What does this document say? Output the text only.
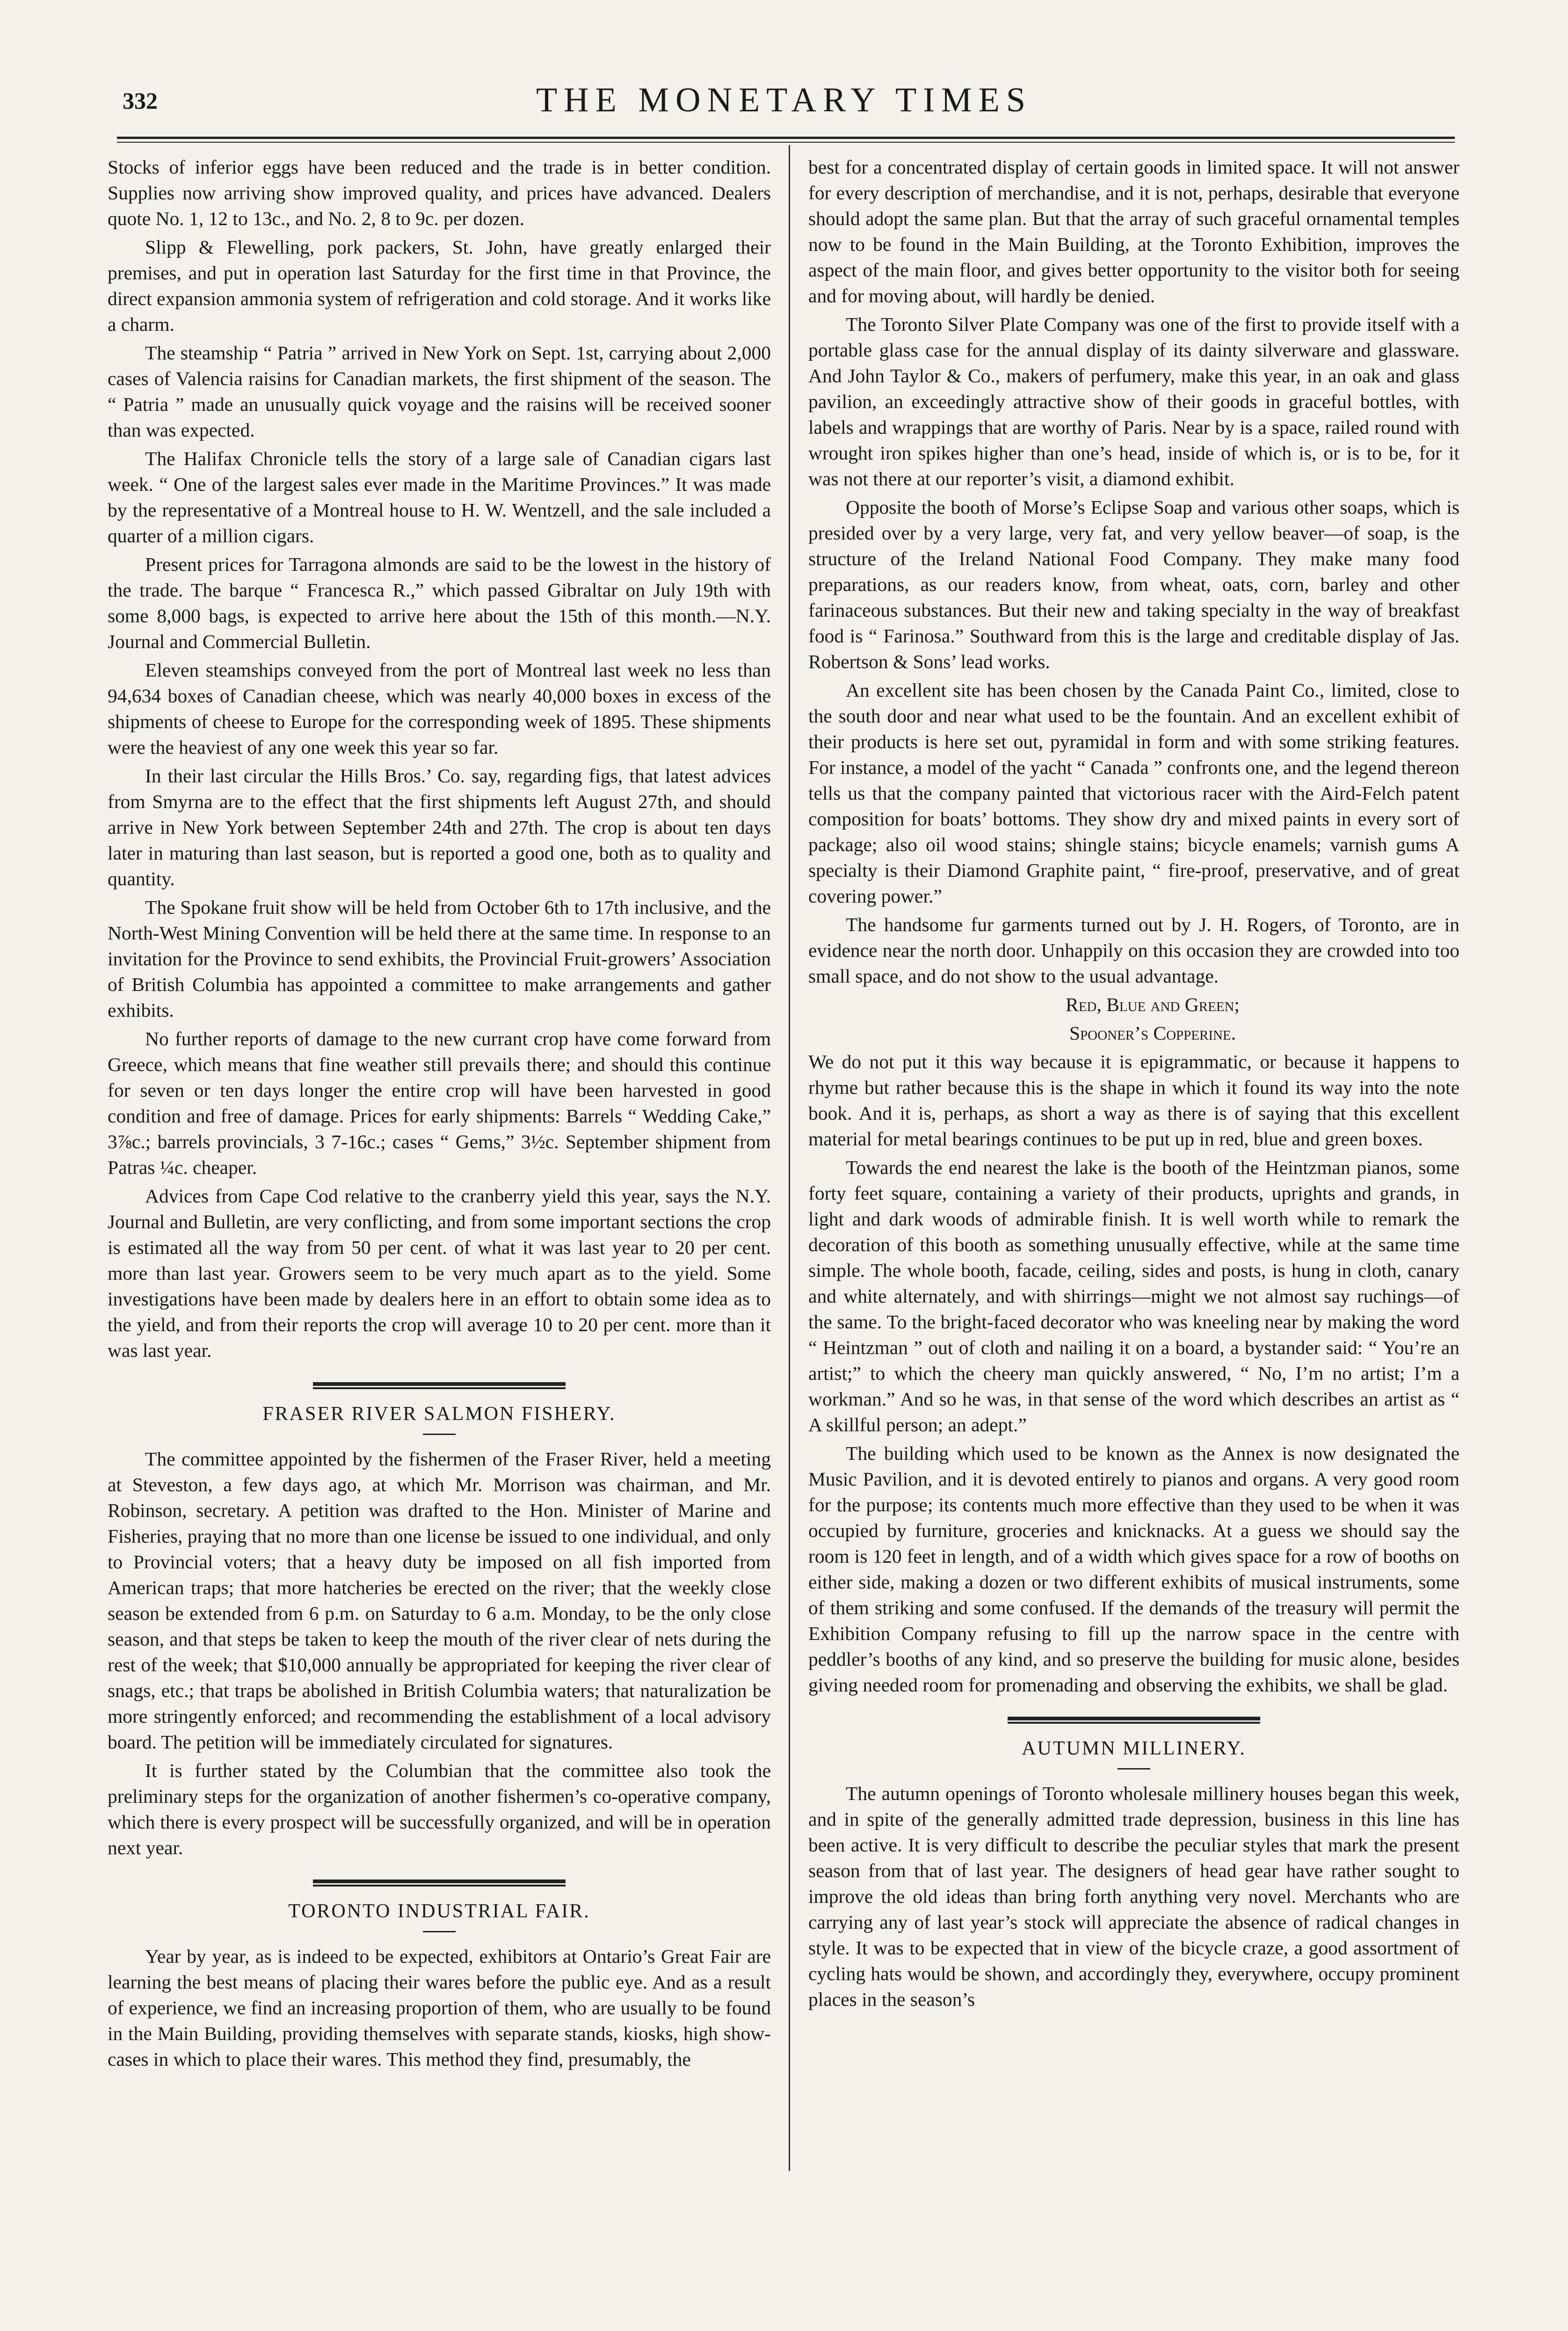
332	THE MONETARY TIMES

Stocks of inferior eggs have been reduced and the trade is in better condition. Supplies now arriving show improved quality, and prices have advanced. Dealers quote No. 1, 12 to 13c., and No. 2, 8 to 9c. per dozen.

Slipp & Flewelling, pork packers, St. John, have greatly enlarged their premises, and put in operation last Saturday for the first time in that Province, the direct expansion ammonia system of refrigeration and cold storage. And it works like a charm.

The steamship “ Patria ” arrived in New York on Sept. 1st, carrying about 2,000 cases of Valencia raisins for Canadian markets, the first shipment of the season. The “ Patria ” made an unusually quick voyage and the raisins will be received sooner than was expected.

The Halifax Chronicle tells the story of a large sale of Canadian cigars last week. “ One of the largest sales ever made in the Maritime Provinces.” It was made by the representative of a Montreal house to H. W. Wentzell, and the sale included a quarter of a million cigars.

Present prices for Tarragona almonds are said to be the lowest in the history of the trade. The barque “ Francesca R.,” which passed Gibraltar on July 19th with some 8,000 bags, is expected to arrive here about the 15th of this month.—N.Y. Journal and Commercial Bulletin.

Eleven steamships conveyed from the port of Montreal last week no less than 94,634 boxes of Canadian cheese, which was nearly 40,000 boxes in excess of the shipments of cheese to Europe for the corresponding week of 1895. These shipments were the heaviest of any one week this year so far.

In their last circular the Hills Bros.’ Co. say, regarding figs, that latest advices from Smyrna are to the effect that the first shipments left August 27th, and should arrive in New York between September 24th and 27th. The crop is about ten days later in maturing than last season, but is reported a good one, both as to quality and quantity.

The Spokane fruit show will be held from October 6th to 17th inclusive, and the North-West Mining Convention will be held there at the same time. In response to an invitation for the Province to send exhibits, the Provincial Fruit-growers’ Association of British Columbia has appointed a committee to make arrangements and gather exhibits.

No further reports of damage to the new currant crop have come forward from Greece, which means that fine weather still prevails there; and should this continue for seven or ten days longer the entire crop will have been harvested in good condition and free of damage. Prices for early shipments: Barrels “ Wedding Cake,” 3⅞c.; barrels provincials, 3 7-16c.; cases “ Gems,” 3½c. September shipment from Patras ¼c. cheaper.

Advices from Cape Cod relative to the cranberry yield this year, says the N.Y. Journal and Bulletin, are very conflicting, and from some important sections the crop is estimated all the way from 50 per cent. of what it was last year to 20 per cent. more than last year. Growers seem to be very much apart as to the yield. Some investigations have been made by dealers here in an effort to obtain some idea as to the yield, and from their reports the crop will average 10 to 20 per cent. more than it was last year.

FRASER RIVER SALMON FISHERY.

The committee appointed by the fishermen of the Fraser River, held a meeting at Steveston, a few days ago, at which Mr. Morrison was chairman, and Mr. Robinson, secretary. A petition was drafted to the Hon. Minister of Marine and Fisheries, praying that no more than one license be issued to one individual, and only to Provincial voters; that a heavy duty be imposed on all fish imported from American traps; that more hatcheries be erected on the river; that the weekly close season be extended from 6 p.m. on Saturday to 6 a.m. Monday, to be the only close season, and that steps be taken to keep the mouth of the river clear of nets during the rest of the week; that $10,000 annually be appropriated for keeping the river clear of snags, etc.; that traps be abolished in British Columbia waters; that naturalization be more stringently enforced; and recommending the establishment of a local advisory board. The petition will be immediately circulated for signatures.

It is further stated by the Columbian that the committee also took the preliminary steps for the organization of another fishermen’s co-operative company, which there is every prospect will be successfully organized, and will be in operation next year.

TORONTO INDUSTRIAL FAIR.

Year by year, as is indeed to be expected, exhibitors at Ontario’s Great Fair are learning the best means of placing their wares before the public eye. And as a result of experience, we find an increasing proportion of them, who are usually to be found in the Main Building, providing themselves with separate stands, kiosks, high show-cases in which to place their wares. This method they find, presumably, the

best for a concentrated display of certain goods in limited space. It will not answer for every description of merchandise, and it is not, perhaps, desirable that everyone should adopt the same plan. But that the array of such graceful ornamental temples now to be found in the Main Building, at the Toronto Exhibition, improves the aspect of the main floor, and gives better opportunity to the visitor both for seeing and for moving about, will hardly be denied.

The Toronto Silver Plate Company was one of the first to provide itself with a portable glass case for the annual display of its dainty silverware and glassware. And John Taylor & Co., makers of perfumery, make this year, in an oak and glass pavilion, an exceedingly attractive show of their goods in graceful bottles, with labels and wrappings that are worthy of Paris. Near by is a space, railed round with wrought iron spikes higher than one’s head, inside of which is, or is to be, for it was not there at our reporter’s visit, a diamond exhibit.

Opposite the booth of Morse’s Eclipse Soap and various other soaps, which is presided over by a very large, very fat, and very yellow beaver—of soap, is the structure of the Ireland National Food Company. They make many food preparations, as our readers know, from wheat, oats, corn, barley and other farinaceous substances. But their new and taking specialty in the way of breakfast food is “ Farinosa.” Southward from this is the large and creditable display of Jas. Robertson & Sons’ lead works.

An excellent site has been chosen by the Canada Paint Co., limited, close to the south door and near what used to be the fountain. And an excellent exhibit of their products is here set out, pyramidal in form and with some striking features. For instance, a model of the yacht “ Canada ” confronts one, and the legend thereon tells us that the company painted that victorious racer with the Aird-Felch patent composition for boats’ bottoms. They show dry and mixed paints in every sort of package; also oil wood stains; shingle stains; bicycle enamels; varnish gums A specialty is their Diamond Graphite paint, “ fire-proof, preservative, and of great covering power.”

The handsome fur garments turned out by J. H. Rogers, of Toronto, are in evidence near the north door. Unhappily on this occasion they are crowded into too small space, and do not show to the usual advantage.

Red, Blue and Green;

Spooner’s Copperine.

We do not put it this way because it is epigrammatic, or because it happens to rhyme but rather because this is the shape in which it found its way into the note book. And it is, perhaps, as short a way as there is of saying that this excellent material for metal bearings continues to be put up in red, blue and green boxes.

Towards the end nearest the lake is the booth of the Heintzman pianos, some forty feet square, containing a variety of their products, uprights and grands, in light and dark woods of admirable finish. It is well worth while to remark the decoration of this booth as something unusually effective, while at the same time simple. The whole booth, facade, ceiling, sides and posts, is hung in cloth, canary and white alternately, and with shirrings—might we not almost say ruchings—of the same. To the bright-faced decorator who was kneeling near by making the word “ Heintzman ” out of cloth and nailing it on a board, a bystander said: “ You’re an artist;” to which the cheery man quickly answered, “ No, I’m no artist; I’m a workman.” And so he was, in that sense of the word which describes an artist as “ A skillful person; an adept.”

The building which used to be known as the Annex is now designated the Music Pavilion, and it is devoted entirely to pianos and organs. A very good room for the purpose; its contents much more effective than they used to be when it was occupied by furniture, groceries and knicknacks. At a guess we should say the room is 120 feet in length, and of a width which gives space for a row of booths on either side, making a dozen or two different exhibits of musical instruments, some of them striking and some confused. If the demands of the treasury will permit the Exhibition Company refusing to fill up the narrow space in the centre with peddler’s booths of any kind, and so preserve the building for music alone, besides giving needed room for promenading and observing the exhibits, we shall be glad.

AUTUMN MILLINERY.

The autumn openings of Toronto wholesale millinery houses began this week, and in spite of the generally admitted trade depression, business in this line has been active. It is very difficult to describe the peculiar styles that mark the present season from that of last year. The designers of head gear have rather sought to improve the old ideas than bring forth anything very novel. Merchants who are carrying any of last year’s stock will appreciate the absence of radical changes in style. It was to be expected that in view of the bicycle craze, a good assortment of cycling hats would be shown, and accordingly they, everywhere, occupy prominent places in the season’s
